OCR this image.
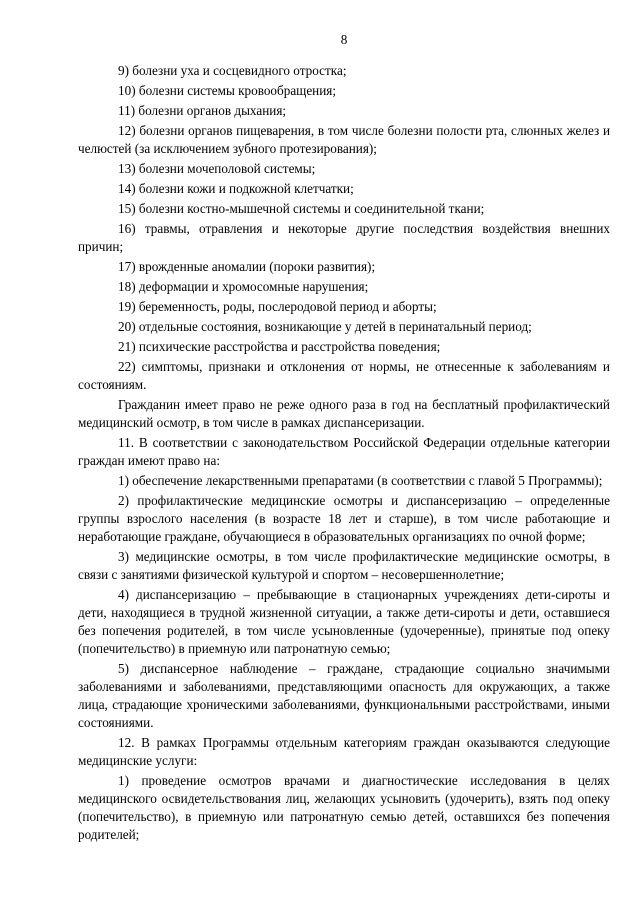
8

9) болезни уха и сосцевидного отростка;

10) болезни системы кровообращения;

11) болезни органов дыхания;

12) болезни органов пищеварения, в том числе болезни полости рта, слюнных желез и челюстей (за исключением зубного протезирования);

13) болезни мочеполовой системы;

14) болезни кожи и подкожной клетчатки;

15) болезни костно-мышечной системы и соединительной ткани;

16) травмы, отравления и некоторые другие последствия воздействия внешних причин;

17) врожденные аномалии (пороки развития);

18) деформации и хромосомные нарушения;

19) беременность, роды, послеродовой период и аборты;

20) отдельные состояния, возникающие у детей в перинатальный период;

21) психические расстройства и расстройства поведения;

22) симптомы, признаки и отклонения от нормы, не отнесенные к заболеваниям и состояниям.

Гражданин имеет право не реже одного раза в год на бесплатный профилактический медицинский осмотр, в том числе в рамках диспансеризации.

11. В соответствии с законодательством Российской Федерации отдельные категории граждан имеют право на:

1) обеспечение лекарственными препаратами (в соответствии с главой 5 Программы);

2) профилактические медицинские осмотры и диспансеризацию – определенные группы взрослого населения (в возрасте 18 лет и старше), в том числе работающие и неработающие граждане, обучающиеся в образовательных организациях по очной форме;

3) медицинские осмотры, в том числе профилактические медицинские осмотры, в связи с занятиями физической культурой и спортом – несовершеннолетние;

4) диспансеризацию – пребывающие в стационарных учреждениях дети-сироты и дети, находящиеся в трудной жизненной ситуации, а также дети-сироты и дети, оставшиеся без попечения родителей, в том числе усыновленные (удочеренные), принятые под опеку (попечительство) в приемную или патронатную семью;

5) диспансерное наблюдение – граждане, страдающие социально значимыми заболеваниями и заболеваниями, представляющими опасность для окружающих, а также лица, страдающие хроническими заболеваниями, функциональными расстройствами, иными состояниями.

12. В рамках Программы отдельным категориям граждан оказываются следующие медицинские услуги:

1) проведение осмотров врачами и диагностические исследования в целях медицинского освидетельствования лиц, желающих усыновить (удочерить), взять под опеку (попечительство), в приемную или патронатную семью детей, оставшихся без попечения родителей;
